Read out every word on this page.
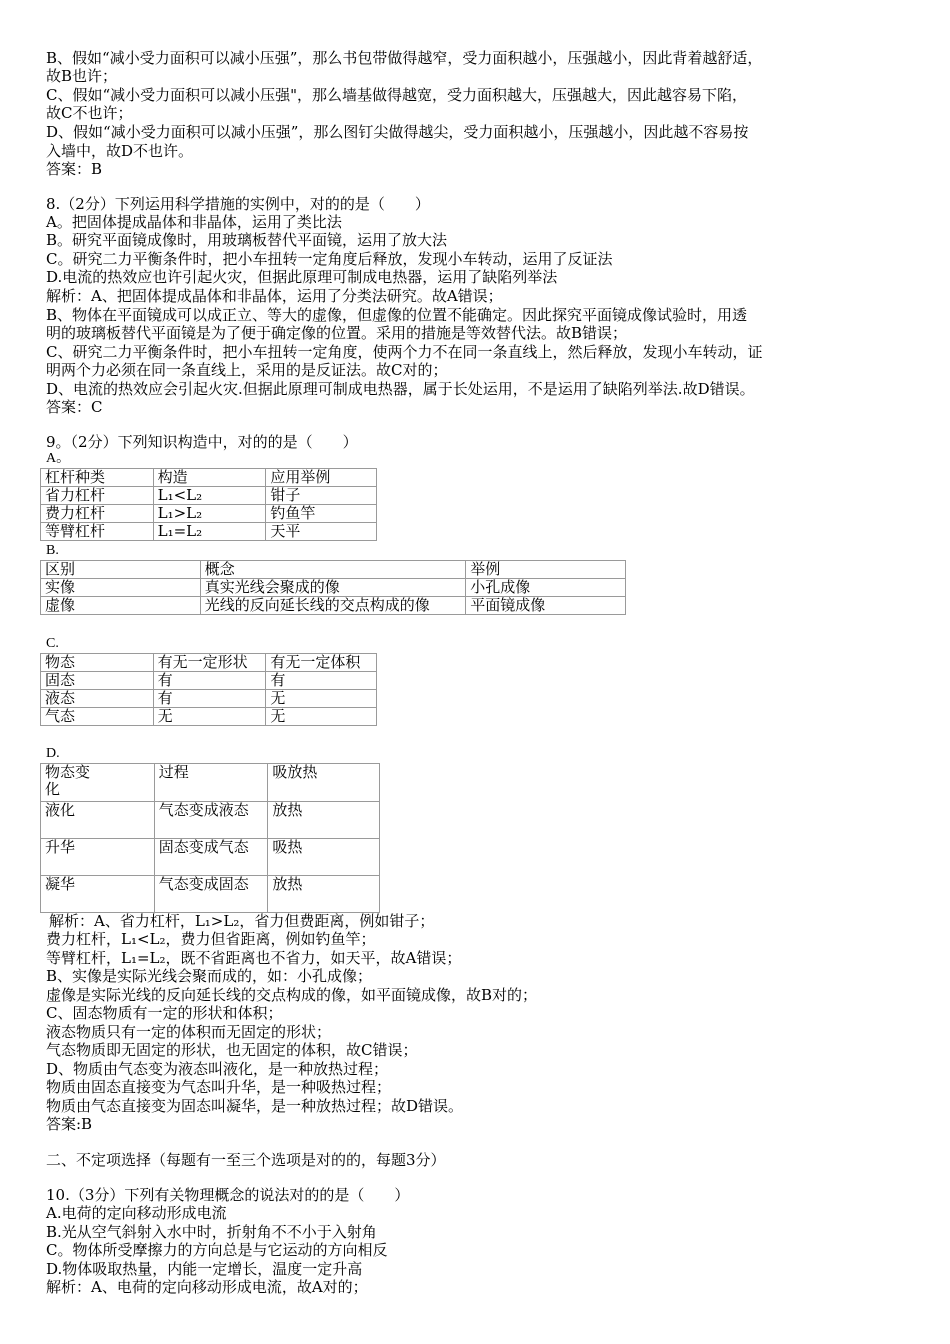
B、假如“减小受力面积可以减小压强”，那么书包带做得越窄，受力面积越小，压强越小，因此背着越舒适，
故B也许；
C、假如“减小受力面积可以减小压强"，那么墙基做得越宽，受力面积越大，压强越大，因此越容易下陷，
故C不也许；
D、假如“减小受力面积可以减小压强”，那么图钉尖做得越尖，受力面积越小，压强越小，因此越不容易按
入墙中，故D不也许。
答案：B
8.（2分）下列运用科学措施的实例中，对的的是（　　）
A。把固体提成晶体和非晶体，运用了类比法
B。研究平面镜成像时，用玻璃板替代平面镜，运用了放大法
C。研究二力平衡条件时，把小车扭转一定角度后释放，发现小车转动，运用了反证法
D.电流的热效应也许引起火灾，但据此原理可制成电热器，运用了缺陷列举法
解析：A、把固体提成晶体和非晶体，运用了分类法研究。故A错误；
B、物体在平面镜成可以成正立、等大的虚像，但虚像的位置不能确定。因此探究平面镜成像试验时，用透
明的玻璃板替代平面镜是为了便于确定像的位置。采用的措施是等效替代法。故B错误；
C、研究二力平衡条件时，把小车扭转一定角度，使两个力不在同一条直线上，然后释放，发现小车转动，证
明两个力必须在同一条直线上，采用的是反证法。故C对的；
D、电流的热效应会引起火灾.但据此原理可制成电热器，属于长处运用，不是运用了缺陷列举法.故D错误。
答案：C
9。（2分）下列知识构造中，对的的是（　　）
A。
杠杆种类	构造	应用举例
省力杠杆	L₁<L₂	钳子
费力杠杆	L₁>L₂	钓鱼竿
等臂杠杆	L₁=L₂	天平
B.
区别	概念	举例
实像	真实光线会聚成的像	小孔成像
虚像	光线的反向延长线的交点构成的像	平面镜成像
C.
物态	有无一定形状	有无一定体积
固态	有	有
液态	有	无
气态	无	无
D.
物态变化	过程	吸放热
液化	气态变成液态	放热
升华	固态变成气态	吸热
凝华	气态变成固态	放热
解析：A、省力杠杆，L₁>L₂，省力但费距离，例如钳子；
费力杠杆，L₁<L₂，费力但省距离，例如钓鱼竿；
等臂杠杆，L₁=L₂，既不省距离也不省力，如天平，故A错误；
B、实像是实际光线会聚而成的，如：小孔成像；
虚像是实际光线的反向延长线的交点构成的像，如平面镜成像，故B对的；
C、固态物质有一定的形状和体积；
液态物质只有一定的体积而无固定的形状；
气态物质即无固定的形状，也无固定的体积，故C错误；
D、物质由气态变为液态叫液化，是一种放热过程；
物质由固态直接变为气态叫升华，是一种吸热过程；
物质由气态直接变为固态叫凝华，是一种放热过程；故D错误。
答案:B
二、不定项选择（每题有一至三个选项是对的的，每题3分）
10.（3分）下列有关物理概念的说法对的的是（　　）
A.电荷的定向移动形成电流
B.光从空气斜射入水中时，折射角不不小于入射角
C。物体所受摩擦力的方向总是与它运动的方向相反
D.物体吸取热量，内能一定增长，温度一定升高
解析：A、电荷的定向移动形成电流，故A对的；
